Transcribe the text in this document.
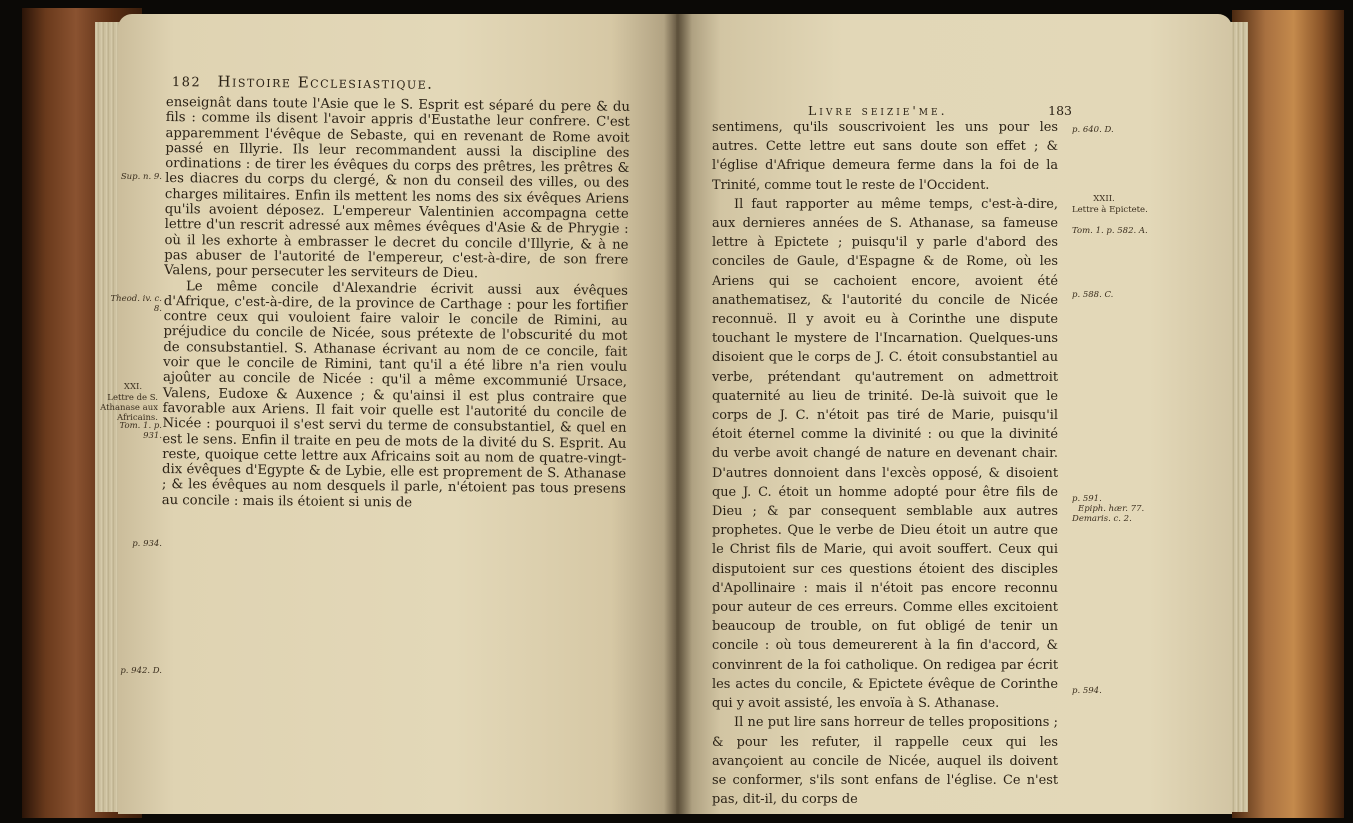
182 Histoire Ecclesiastique.

enseignât dans toute l'Asie que le S. Esprit est séparé du pere & du fils : comme ils disent l'avoir appris d'Eustathe leur confrere. C'est apparemment l'évêque de Sebaste, qui en revenant de Rome avoit passé en Illyrie. Ils leur recommandent aussi la discipline des ordinations : de tirer les évêques du corps des prêtres, les prêtres & les diacres du corps du clergé, & non du conseil des villes, ou des charges militaires. Enfin ils mettent les noms des six évêques Ariens qu'ils avoient déposez. L'empereur Valentinien accompagna cette lettre d'un rescrit adressé aux mêmes évêques d'Asie & de Phrygie : où il les exhorte à embrasser le decret du concile d'Illyrie, & à ne pas abuser de l'autorité de l'empereur, c'est-à-dire, de son frere Valens, pour persecuter les serviteurs de Dieu.

Le même concile d'Alexandrie écrivit aussi aux évêques d'Afrique, c'est-à-dire, de la province de Carthage : pour les fortifier contre ceux qui vouloient faire valoir le concile de Rimini, au préjudice du concile de Nicée, sous prétexte de l'obscurité du mot de consubstantiel. S. Athanase écrivant au nom de ce concile, fait voir que le concile de Rimini, tant qu'il a été libre n'a rien voulu ajoûter au concile de Nicée : qu'il a même excommunié Ursace, Valens, Eudoxe & Auxence ; & qu'ainsi il est plus contraire que favorable aux Ariens. Il fait voir quelle est l'autorité du concile de Nicée : pourquoi il s'est servi du terme de consubstantiel, & quel en est le sens. Enfin il traite en peu de mots de la divité du S. Esprit. Au reste, quoique cette lettre aux Africains soit au nom de quatre-vingt-dix évêques d'Egypte & de Lybie, elle est proprement de S. Athanase ; & les évêques au nom desquels il parle, n'étoient pas tous presens au concile : mais ils étoient si unis de

Sup. n. 9.
Theod. iv. c. 8.
XXI.
Lettre de S. Athanase aux Africains.
Tom. 1. p. 931.
p. 934.
p. 942. D.
Livre seizie'me.	183

sentimens, qu'ils souscrivoient les uns pour les autres. Cette lettre eut sans doute son effet ; & l'église d'Afrique demeura ferme dans la foi de la Trinité, comme tout le reste de l'Occident.

Il faut rapporter au même temps, c'est-à-dire, aux dernieres années de S. Athanase, sa fameuse lettre à Epictete ; puisqu'il y parle d'abord des conciles de Gaule, d'Espagne & de Rome, où les Ariens qui se cachoient encore, avoient été anathematisez, & l'autorité du concile de Nicée reconnuë. Il y avoit eu à Corinthe une dispute touchant le mystere de l'Incarnation. Quelques-uns disoient que le corps de J. C. étoit consubstantiel au verbe, prétendant qu'autrement on admettroit quaternité au lieu de trinité. De-là suivoit que le corps de J. C. n'étoit pas tiré de Marie, puisqu'il étoit éternel comme la divinité : ou que la divinité du verbe avoit changé de nature en devenant chair. D'autres donnoient dans l'excès opposé, & disoient que J. C. étoit un homme adopté pour être fils de Dieu ; & par consequent semblable aux autres prophetes. Que le verbe de Dieu étoit un autre que le Christ fils de Marie, qui avoit souffert. Ceux qui disputoient sur ces questions étoient des disciples d'Apollinaire : mais il n'étoit pas encore reconnu pour auteur de ces erreurs. Comme elles excitoient beaucoup de trouble, on fut obligé de tenir un concile : où tous demeurerent à la fin d'accord, & convinrent de la foi catholique. On redigea par écrit les actes du concile, & Epictete évêque de Corinthe qui y avoit assisté, les envoïa à S. Athanase.

Il ne put lire sans horreur de telles propositions ; & pour les refuter, il rappelle ceux qui les avançoient au concile de Nicée, auquel ils doivent se conformer, s'ils sont enfans de l'église. Ce n'est pas, dit-il, du corps de

p. 640. D.
XXII.
Lettre à Epictete.
Tom. 1. p. 582. A.
p. 588. C.
p. 591.
Epiph. hær. 77.
Demaris. c. 2.
p. 594.
